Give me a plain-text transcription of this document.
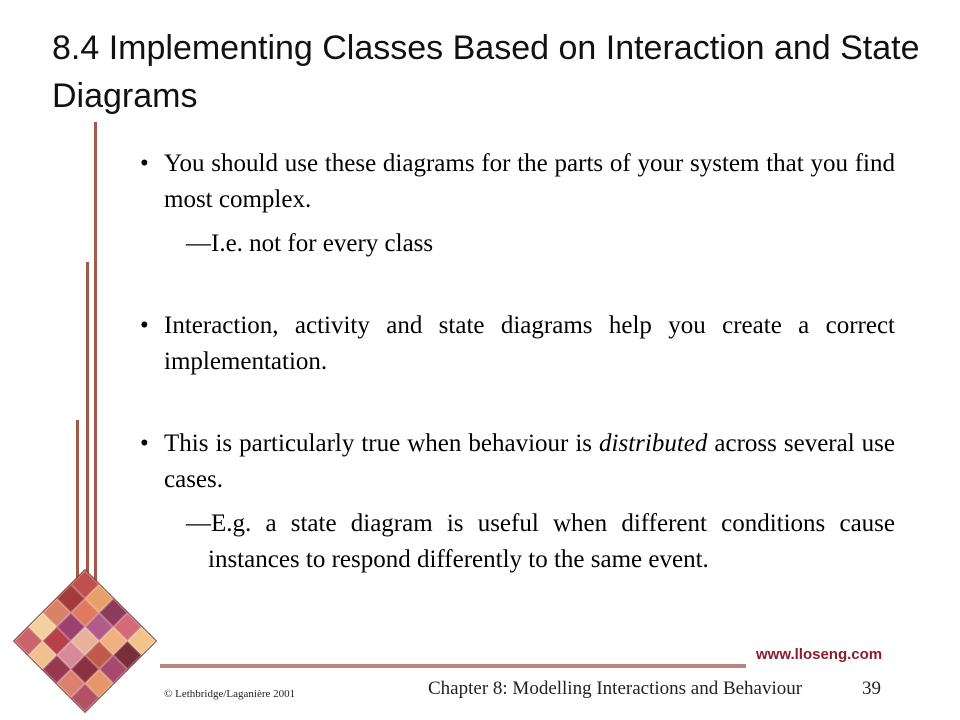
8.4 Implementing Classes Based on Interaction and State Diagrams

• You should use these diagrams for the parts of your system that you find most complex.

—I.e. not for every class

• Interaction, activity and state diagrams help you create a correct implementation.

• This is particularly true when behaviour is distributed across several use cases.

—E.g. a state diagram is useful when different conditions cause instances to respond differently to the same event.

www.lloseng.com
© Lethbridge/Laganière 2001	Chapter 8: Modelling Interactions and Behaviour	39
